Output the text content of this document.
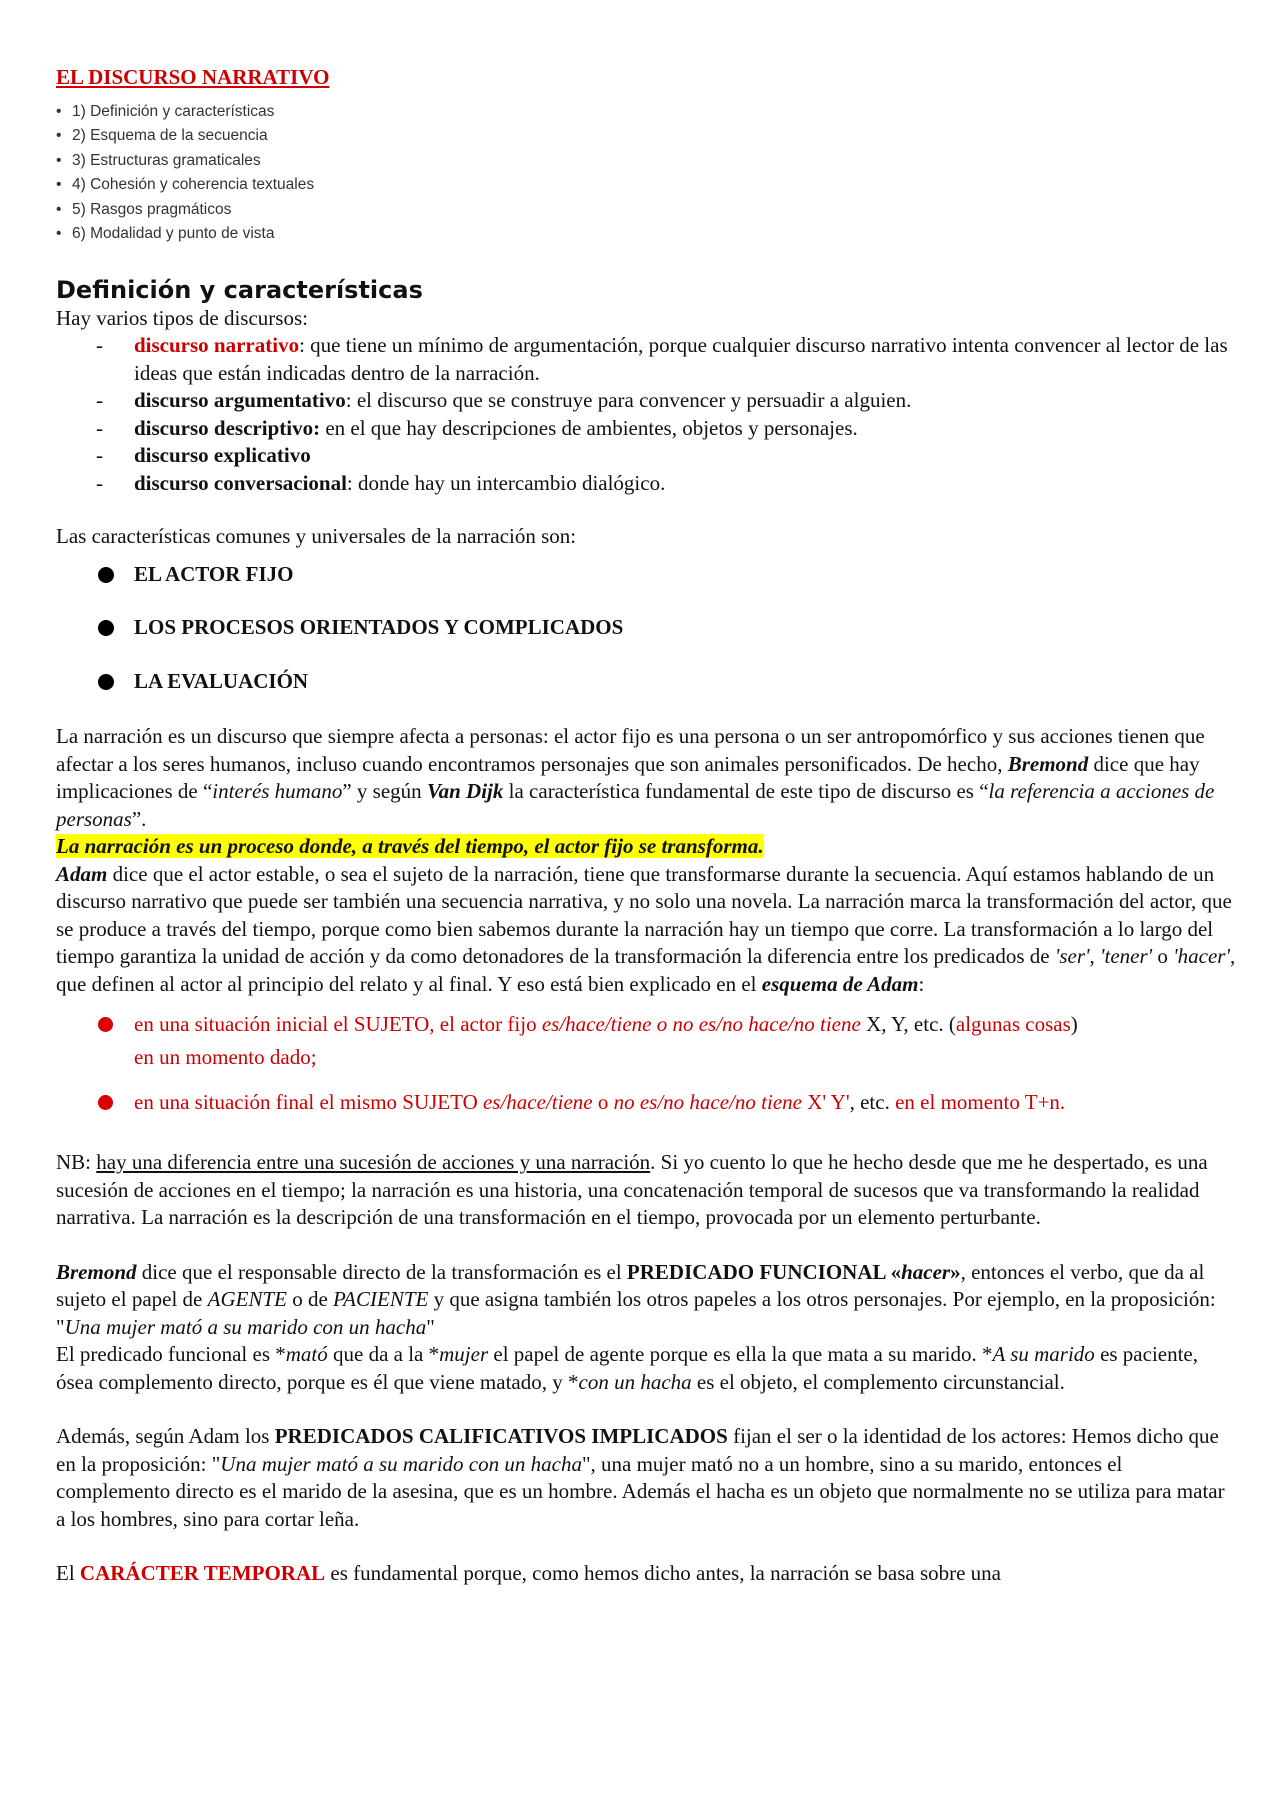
EL DISCURSO NARRATIVO
• 1) Definición y características
• 2) Esquema de la secuencia
• 3) Estructuras gramaticales
• 4) Cohesión y coherencia textuales
• 5) Rasgos pragmáticos
• 6) Modalidad y punto de vista
Definición y características

Hay varios tipos de discursos:

- discurso narrativo: que tiene un mínimo de argumentación, porque cualquier discurso narrativo intenta convencer al lector de las ideas que están indicadas dentro de la narración.
- discurso argumentativo: el discurso que se construye para convencer y persuadir a alguien.
- discurso descriptivo: en el que hay descripciones de ambientes, objetos y personajes.
- discurso explicativo
- discurso conversacional: donde hay un intercambio dialógico.

Las características comunes y universales de la narración son:

EL ACTOR FIJO
LOS PROCESOS ORIENTADOS Y COMPLICADOS
LA EVALUACIÓN

La narración es un discurso que siempre afecta a personas: el actor fijo es una persona o un ser antropomórfico y sus acciones tienen que afectar a los seres humanos, incluso cuando encontramos personajes que son animales personificados. De hecho, Bremond dice que hay implicaciones de “interés humano” y según Van Dijk la característica fundamental de este tipo de discurso es “la referencia a acciones de personas”.

La narración es un proceso donde, a través del tiempo, el actor fijo se transforma.

Adam dice que el actor estable, o sea el sujeto de la narración, tiene que transformarse durante la secuencia. Aquí estamos hablando de un discurso narrativo que puede ser también una secuencia narrativa, y no solo una novela. La narración marca la transformación del actor, que se produce a través del tiempo, porque como bien sabemos durante la narración hay un tiempo que corre. La transformación a lo largo del tiempo garantiza la unidad de acción y da como detonadores de la transformación la diferencia entre los predicados de 'ser', 'tener' o 'hacer', que definen al actor al principio del relato y al final. Y eso está bien explicado en el esquema de Adam:

en una situación inicial el SUJETO, el actor fijo es/hace/tiene o no es/no hace/no tiene X, Y, etc. (algunas cosas)
en un momento dado;
en una situación final el mismo SUJETO es/hace/tiene o no es/no hace/no tiene X' Y', etc. en el momento T+n.

NB: hay una diferencia entre una sucesión de acciones y una narración. Si yo cuento lo que he hecho desde que me he despertado, es una sucesión de acciones en el tiempo; la narración es una historia, una concatenación temporal de sucesos que va transformando la realidad narrativa. La narración es la descripción de una transformación en el tiempo, provocada por un elemento perturbante.

Bremond dice que el responsable directo de la transformación es el PREDICADO FUNCIONAL «hacer», entonces el verbo, que da al sujeto el papel de AGENTE o de PACIENTE y que asigna también los otros papeles a los otros personajes. Por ejemplo, en la proposición: "Una mujer mató a su marido con un hacha"
El predicado funcional es *mató que da a la *mujer el papel de agente porque es ella la que mata a su marido. *A su marido es paciente, ósea complemento directo, porque es él que viene matado, y *con un hacha es el objeto, el complemento circunstancial.

Además, según Adam los PREDICADOS CALIFICATIVOS IMPLICADOS fijan el ser o la identidad de los actores: Hemos dicho que en la proposición: "Una mujer mató a su marido con un hacha", una mujer mató no a un hombre, sino a su marido, entonces el complemento directo es el marido de la asesina, que es un hombre. Además el hacha es un objeto que normalmente no se utiliza para matar a los hombres, sino para cortar leña.

El CARÁCTER TEMPORAL es fundamental porque, como hemos dicho antes, la narración se basa sobre una
